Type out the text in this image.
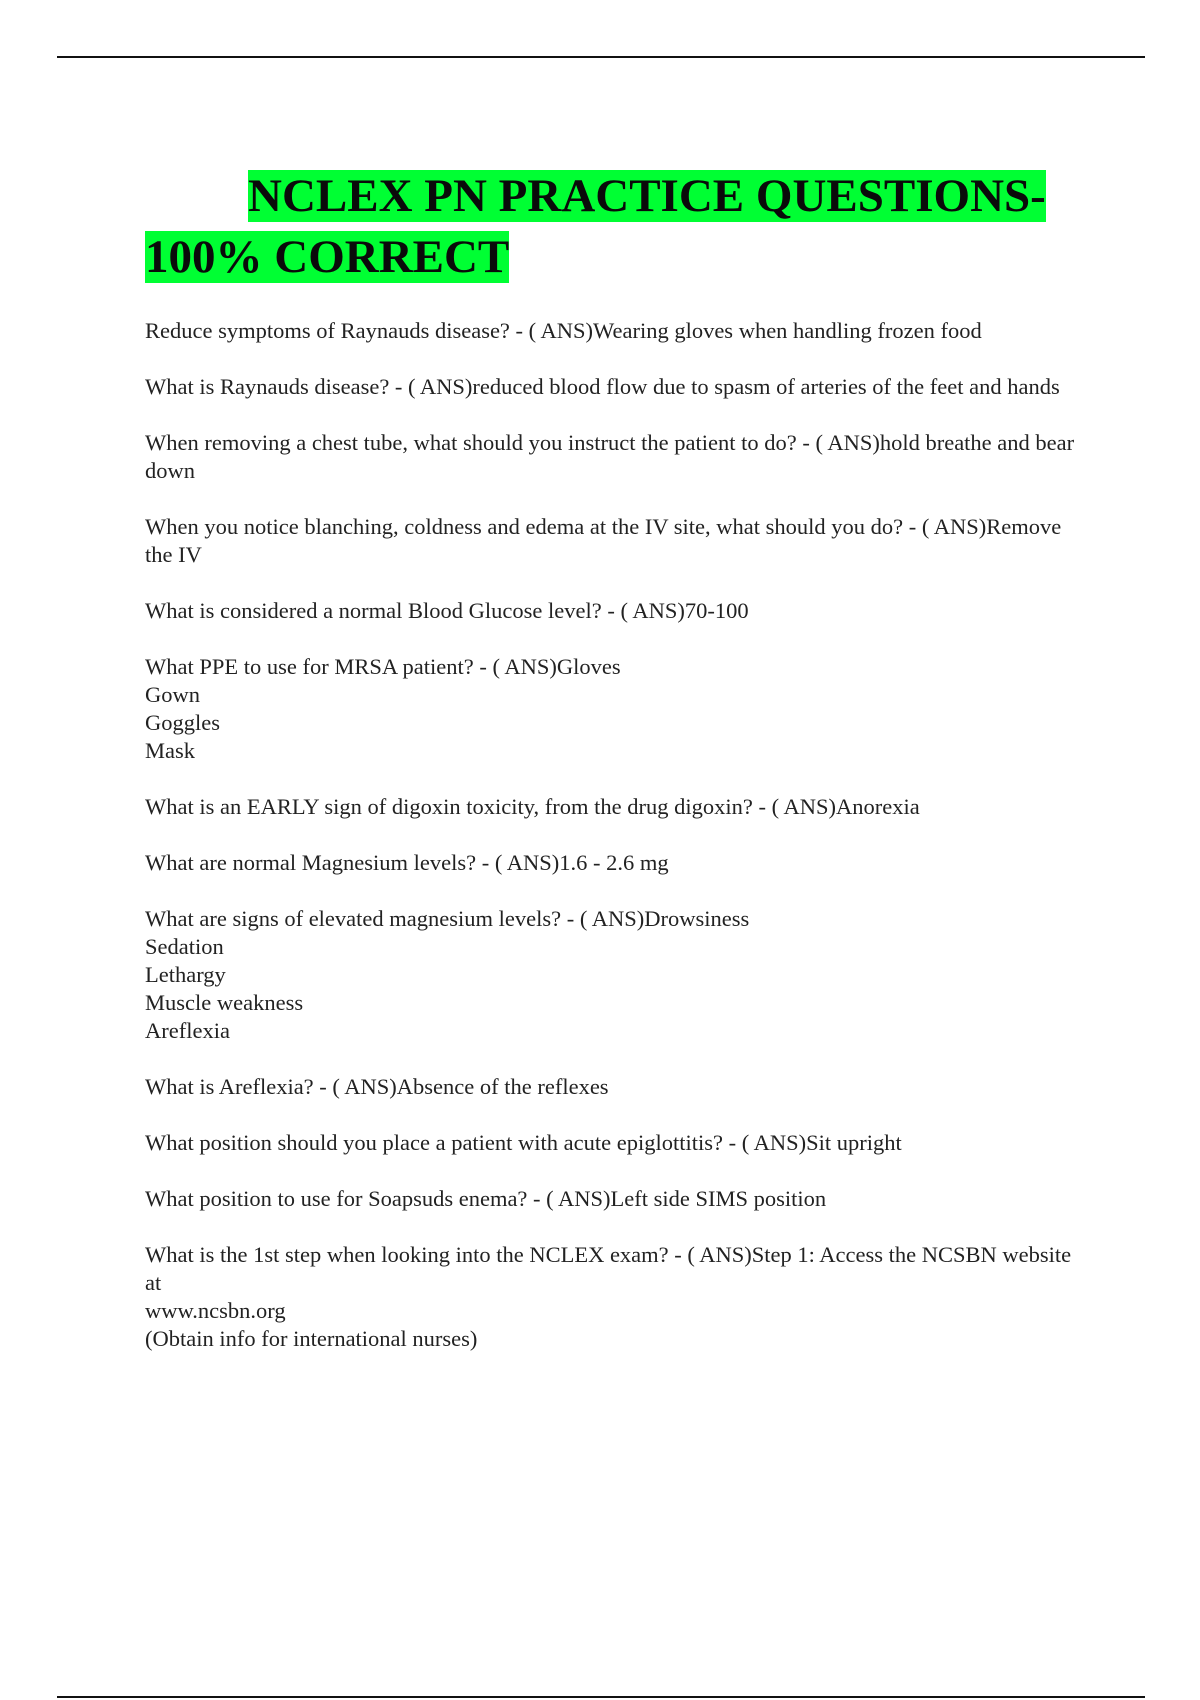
NCLEX PN PRACTICE QUESTIONS-
100% CORRECT
Reduce symptoms of Raynauds disease? - ( ANS)Wearing gloves when handling frozen food
What is Raynauds disease? - ( ANS)reduced blood flow due to spasm of arteries of the feet and hands
When removing a chest tube, what should you instruct the patient to do? - ( ANS)hold breathe and bear down
When you notice blanching, coldness and edema at the IV site, what should you do? - ( ANS)Remove the IV
What is considered a normal Blood Glucose level? - ( ANS)70-100
What PPE to use for MRSA patient? - ( ANS)Gloves
Gown
Goggles
Mask
What is an EARLY sign of digoxin toxicity, from the drug digoxin? - ( ANS)Anorexia
What are normal Magnesium levels? - ( ANS)1.6 - 2.6 mg
What are signs of elevated magnesium levels? - ( ANS)Drowsiness
Sedation
Lethargy
Muscle weakness
Areflexia
What is Areflexia? - ( ANS)Absence of the reflexes
What position should you place a patient with acute epiglottitis? - ( ANS)Sit upright
What position to use for Soapsuds enema? - ( ANS)Left side SIMS position
What is the 1st step when looking into the NCLEX exam? - ( ANS)Step 1: Access the NCSBN website at
www.ncsbn.org
(Obtain info for international nurses)
